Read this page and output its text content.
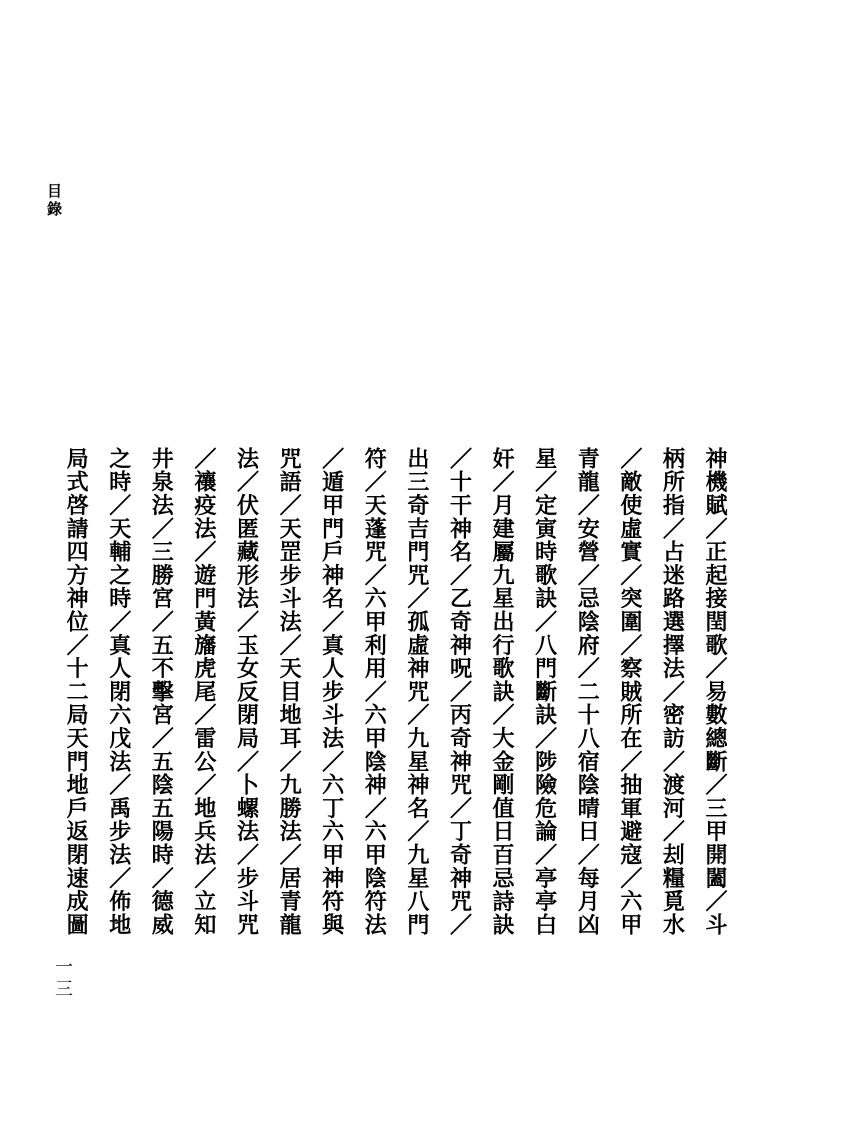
目錄
神機賦／正起接閏歌／易數總斷／三甲開闔／斗
柄所指／占迷路選擇法／密訪／渡河／刦糧覓水
／敵使虛實／突圍／察賊所在／抽軍避寇／六甲
青龍／安營／忌陰府／二十八宿陰晴日／每月凶
星／定寅時歌訣／八門斷訣／陟險危論／亭亭白
奸／月建屬九星出行歌訣／大金剛值日百忌詩訣
／十干神名／乙奇神呪／丙奇神咒／丁奇神咒／
出三奇吉門咒／孤虛神咒／九星神名／九星八門
符／天蓬咒／六甲利用／六甲陰神／六甲陰符法
／遁甲門戶神名／真人步斗法／六丁六甲神符與
咒語／天罡步斗法／天目地耳／九勝法／居青龍
法／伏匿藏形法／玉女反閉局／卜螺法／步斗咒
／禳疫法／遊門黃旛虎尾／雷公／地兵法／立知
井泉法／三勝宮／五不擊宮／五陰五陽時／德威
之時／天輔之時／真人閉六戊法／禹步法／佈地
局式啓請四方神位／十二局天門地戶返閉速成圖
一三
